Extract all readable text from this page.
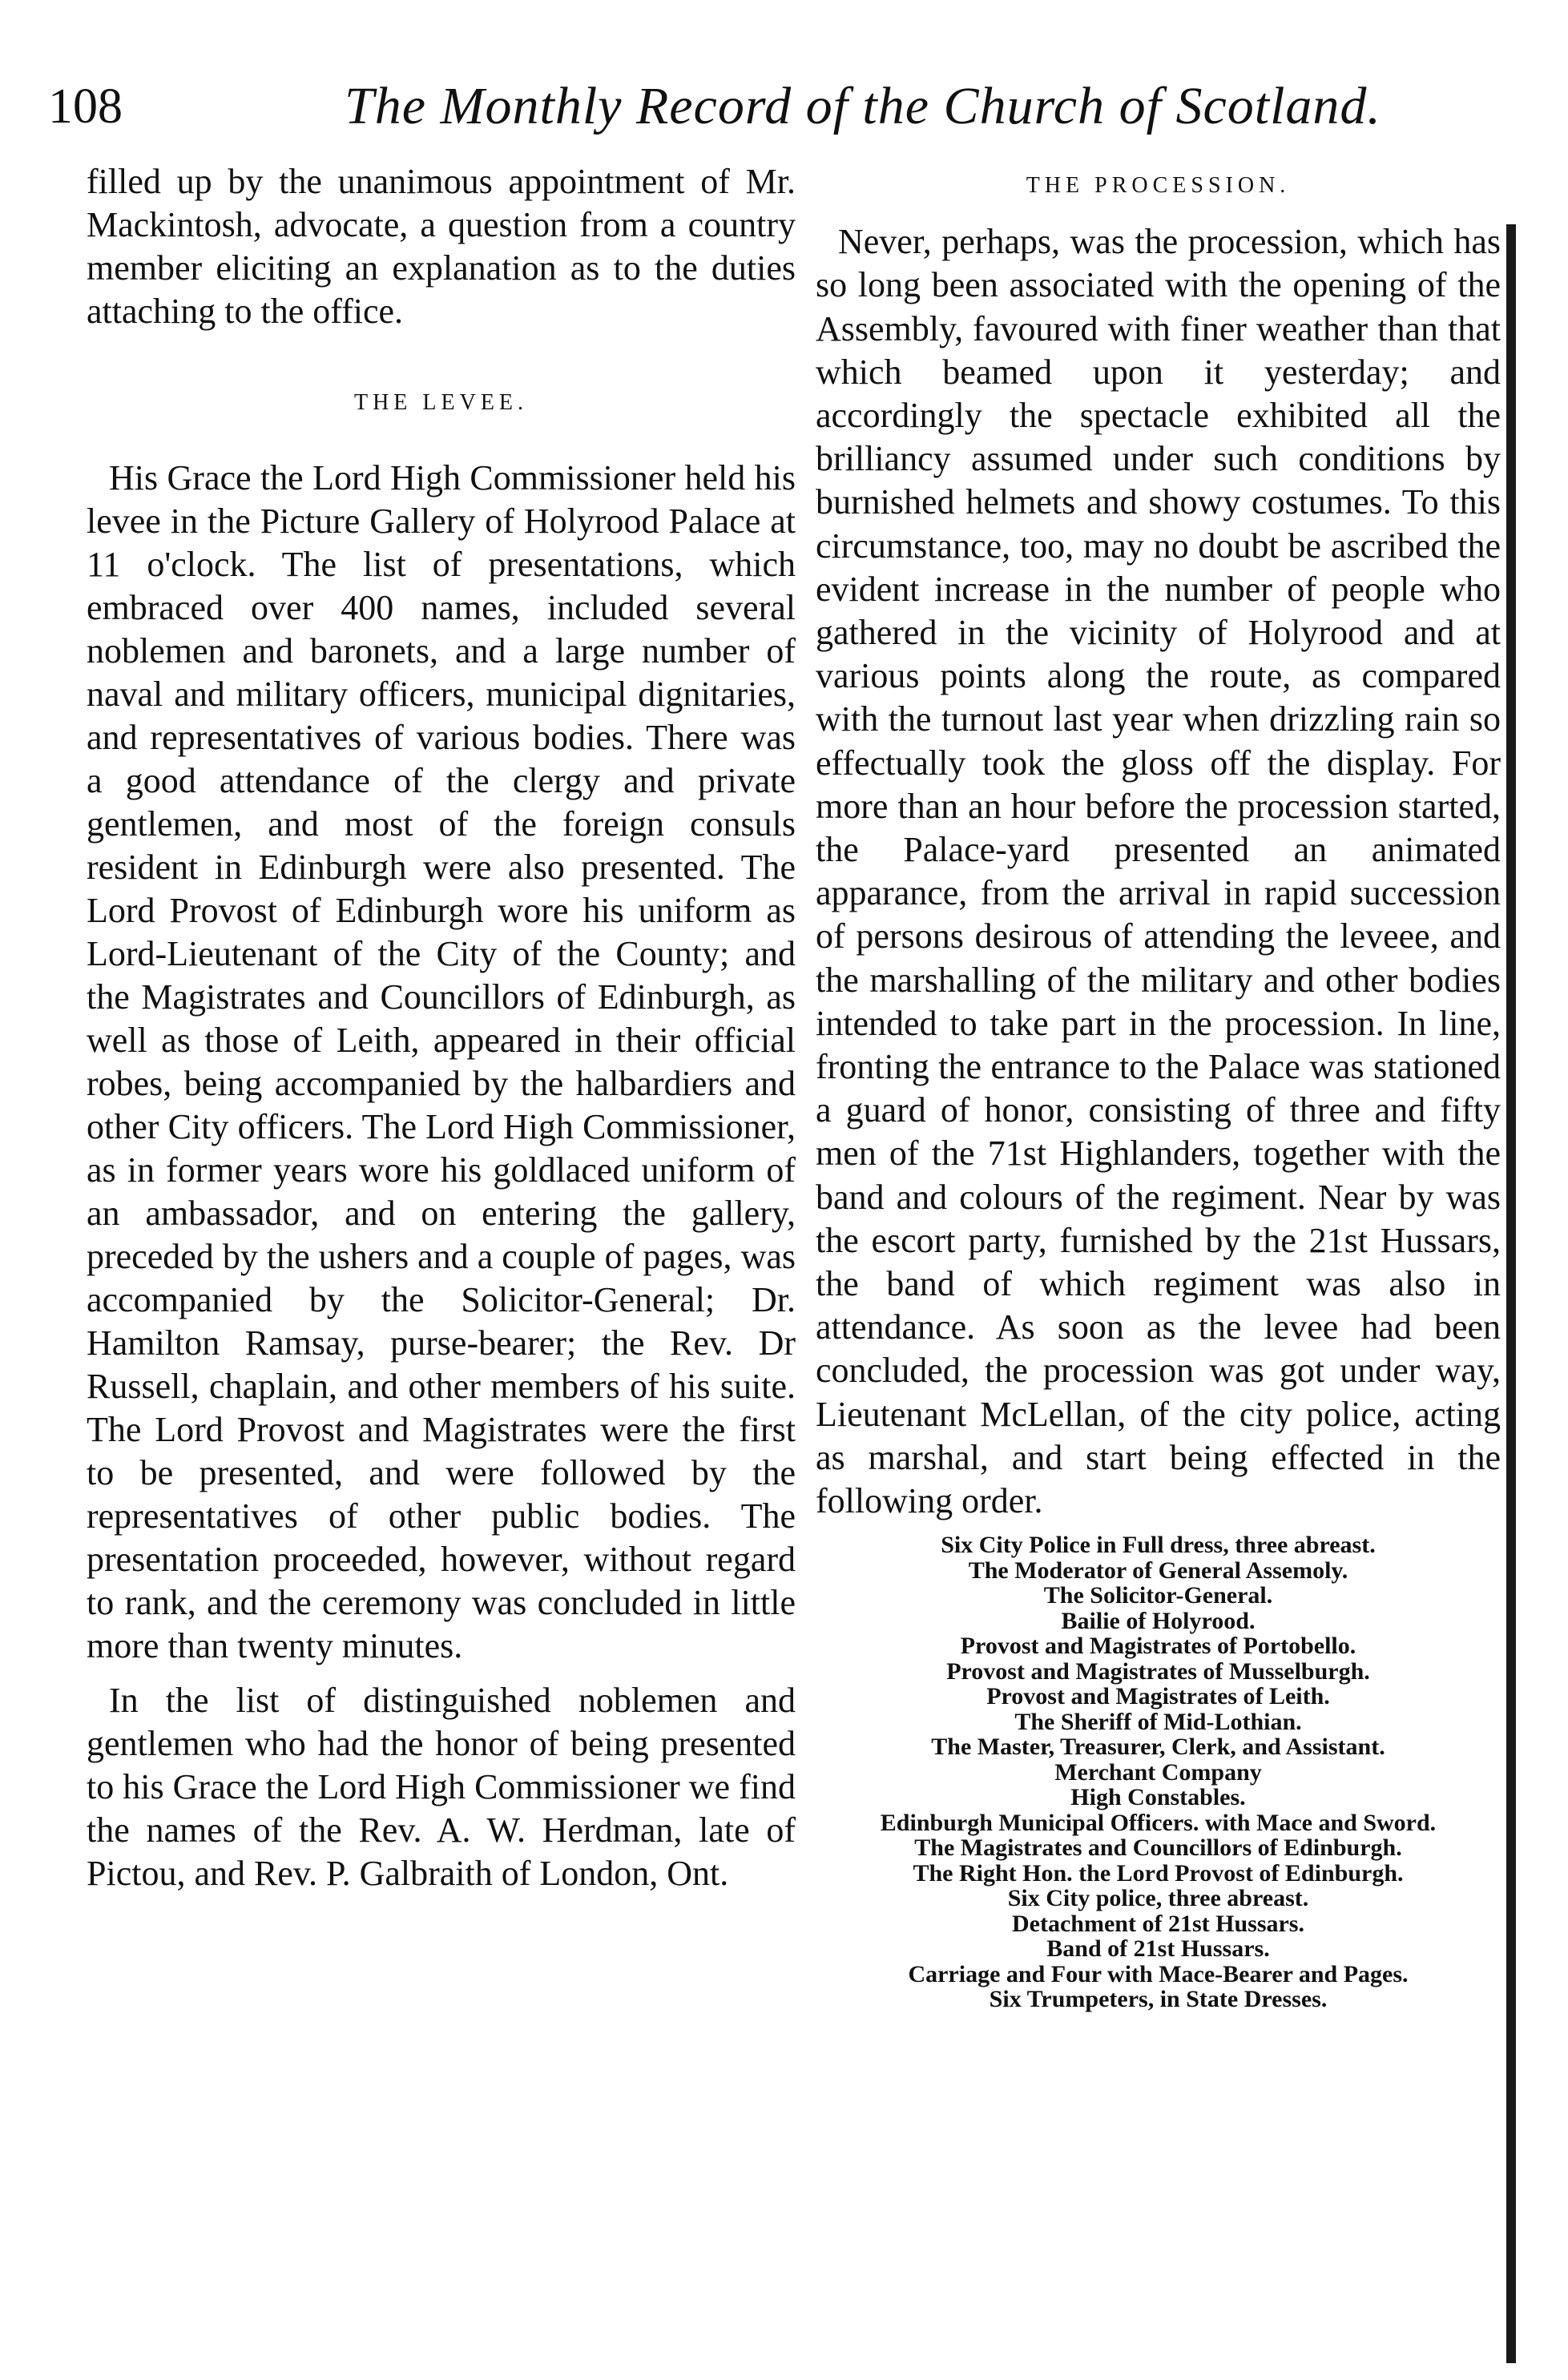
108	The Monthly Record of the Church of Scotland.

filled up by the unanimous appointment of Mr. Mackintosh, advocate, a question from a country member eliciting an explanation as to the duties attaching to the office.

THE LEVEE.

His Grace the Lord High Commissioner held his levee in the Picture Gallery of Holyrood Palace at 11 o'clock. The list of presentations, which embraced over 400 names, included several noblemen and baronets, and a large number of naval and military officers, municipal dignitaries, and representatives of various bodies. There was a good attendance of the clergy and private gentlemen, and most of the foreign consuls resident in Edinburgh were also presented. The Lord Provost of Edinburgh wore his uniform as Lord-Lieutenant of the City of the County; and the Magistrates and Councillors of Edinburgh, as well as those of Leith, appeared in their official robes, being accompanied by the halbardiers and other City officers. The Lord High Commissioner, as in former years wore his goldlaced uniform of an ambassador, and on entering the gallery, preceded by the ushers and a couple of pages, was accompanied by the Solicitor-General; Dr. Hamilton Ramsay, purse-bearer; the Rev. Dr Russell, chaplain, and other members of his suite. The Lord Provost and Magistrates were the first to be presented, and were followed by the representatives of other public bodies. The presentation proceeded, however, without regard to rank, and the ceremony was concluded in little more than twenty minutes.

In the list of distinguished noblemen and gentlemen who had the honor of being presented to his Grace the Lord High Commissioner we find the names of the Rev. A. W. Herdman, late of Pictou, and Rev. P. Galbraith of London, Ont.

THE PROCESSION.

Never, perhaps, was the procession, which has so long been associated with the opening of the Assembly, favoured with finer weather than that which beamed upon it yesterday; and accordingly the spectacle exhibited all the brilliancy assumed under such conditions by burnished helmets and showy costumes. To this circumstance, too, may no doubt be ascribed the evident increase in the number of people who gathered in the vicinity of Holyrood and at various points along the route, as compared with the turnout last year when drizzling rain so effectually took the gloss off the display. For more than an hour before the procession started, the Palace-yard presented an animated apparance, from the arrival in rapid succession of persons desirous of attending the leveee, and the marshalling of the military and other bodies intended to take part in the procession. In line, fronting the entrance to the Palace was stationed a guard of honor, consisting of three and fifty men of the 71st Highlanders, together with the band and colours of the regiment. Near by was the escort party, furnished by the 21st Hussars, the band of which regiment was also in attendance. As soon as the levee had been concluded, the procession was got under way, Lieutenant McLellan, of the city police, acting as marshal, and start being effected in the following order.

Six City Police in Full dress, three abreast.
The Moderator of General Assemoly.
The Solicitor-General.
Bailie of Holyrood.
Provost and Magistrates of Portobello.
Provost and Magistrates of Musselburgh.
Provost and Magistrates of Leith.
The Sheriff of Mid-Lothian.
The Master, Treasurer, Clerk, and Assistant.
Merchant Company
High Constables.
Edinburgh Municipal Officers. with Mace and Sword.
The Magistrates and Councillors of Edinburgh.
The Right Hon. the Lord Provost of Edinburgh.
Six City police, three abreast.
Detachment of 21st Hussars.
Band of 21st Hussars.
Carriage and Four with Mace-Bearer and Pages.
Six Trumpeters, in State Dresses.
